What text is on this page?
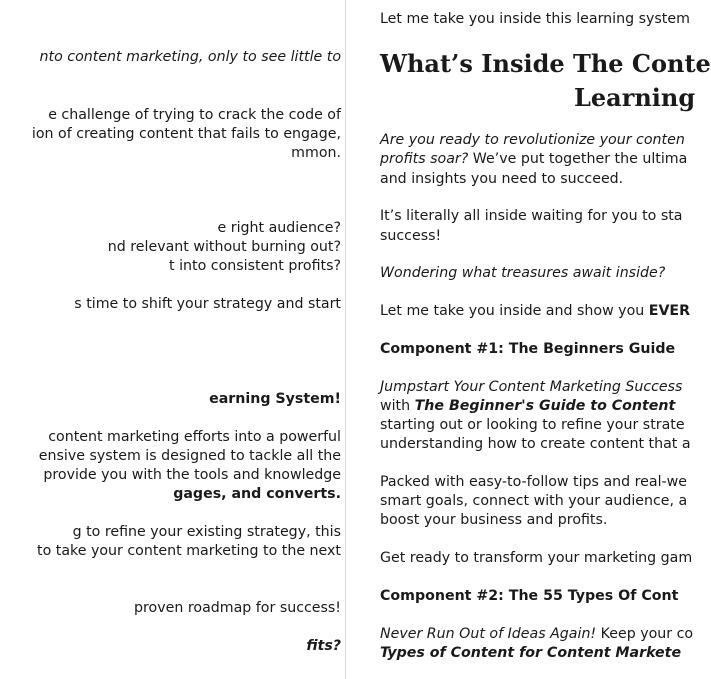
nto content marketing, only to see little to
e challenge of trying to crack the code of
ion of creating content that fails to engage,
mmon.
e right audience?
nd relevant without burning out?
t into consistent profits?
s time to shift your strategy and start
earning System!
content marketing efforts into a powerful
ensive system is designed to tackle all the
provide you with the tools and knowledge
gages, and converts.
g to refine your existing strategy, this
to take your content marketing to the next
proven roadmap for success!
fits?
Let me take you inside this learning system
What’s Inside The Conte
Learning
Are you ready to revolutionize your conten
profits soar? We’ve put together the ultima
and insights you need to succeed.
It’s literally all inside waiting for you to sta
success!
Wondering what treasures await inside?
Let me take you inside and show you EVER
Component #1: The Beginners Guide
Jumpstart Your Content Marketing Success
with The Beginner's Guide to Content
starting out or looking to refine your strate
understanding how to create content that a
Packed with easy-to-follow tips and real-we
smart goals, connect with your audience, a
boost your business and profits.
Get ready to transform your marketing gam
Component #2: The 55 Types Of Cont
Never Run Out of Ideas Again! Keep your co
Types of Content for Content Markete
